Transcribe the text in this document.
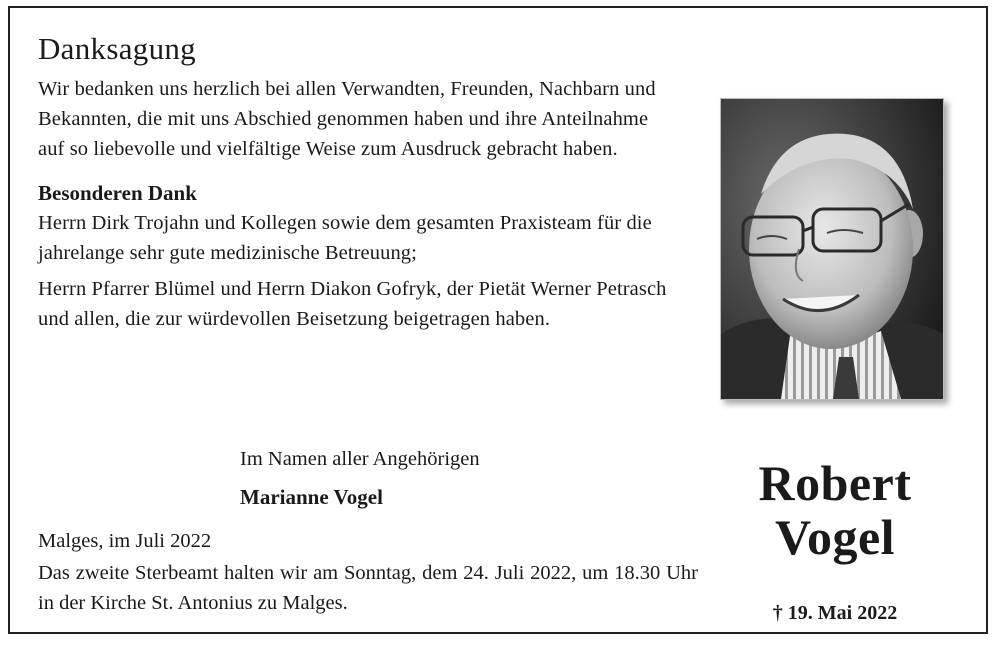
Danksagung

Wir bedanken uns herzlich bei allen Verwandten, Freunden, Nachbarn und Bekannten, die mit uns Abschied genommen haben und ihre Anteilnahme auf so liebevolle und vielfältige Weise zum Ausdruck gebracht haben.

Besonderen Dank

Herrn Dirk Trojahn und Kollegen sowie dem gesamten Praxisteam für die jahrelange sehr gute medizinische Betreuung;

Herrn Pfarrer Blümel und Herrn Diakon Gofryk, der Pietät Werner Petrasch und allen, die zur würdevollen Beisetzung beigetragen haben.

Im Namen aller Angehörigen
Marianne Vogel
Malges, im Juli 2022
Das zweite Sterbeamt halten wir am Sonntag, dem 24. Juli 2022, um 18.30 Uhr in der Kirche St. Antonius zu Malges.
Robert
Vogel
† 19. Mai 2022
